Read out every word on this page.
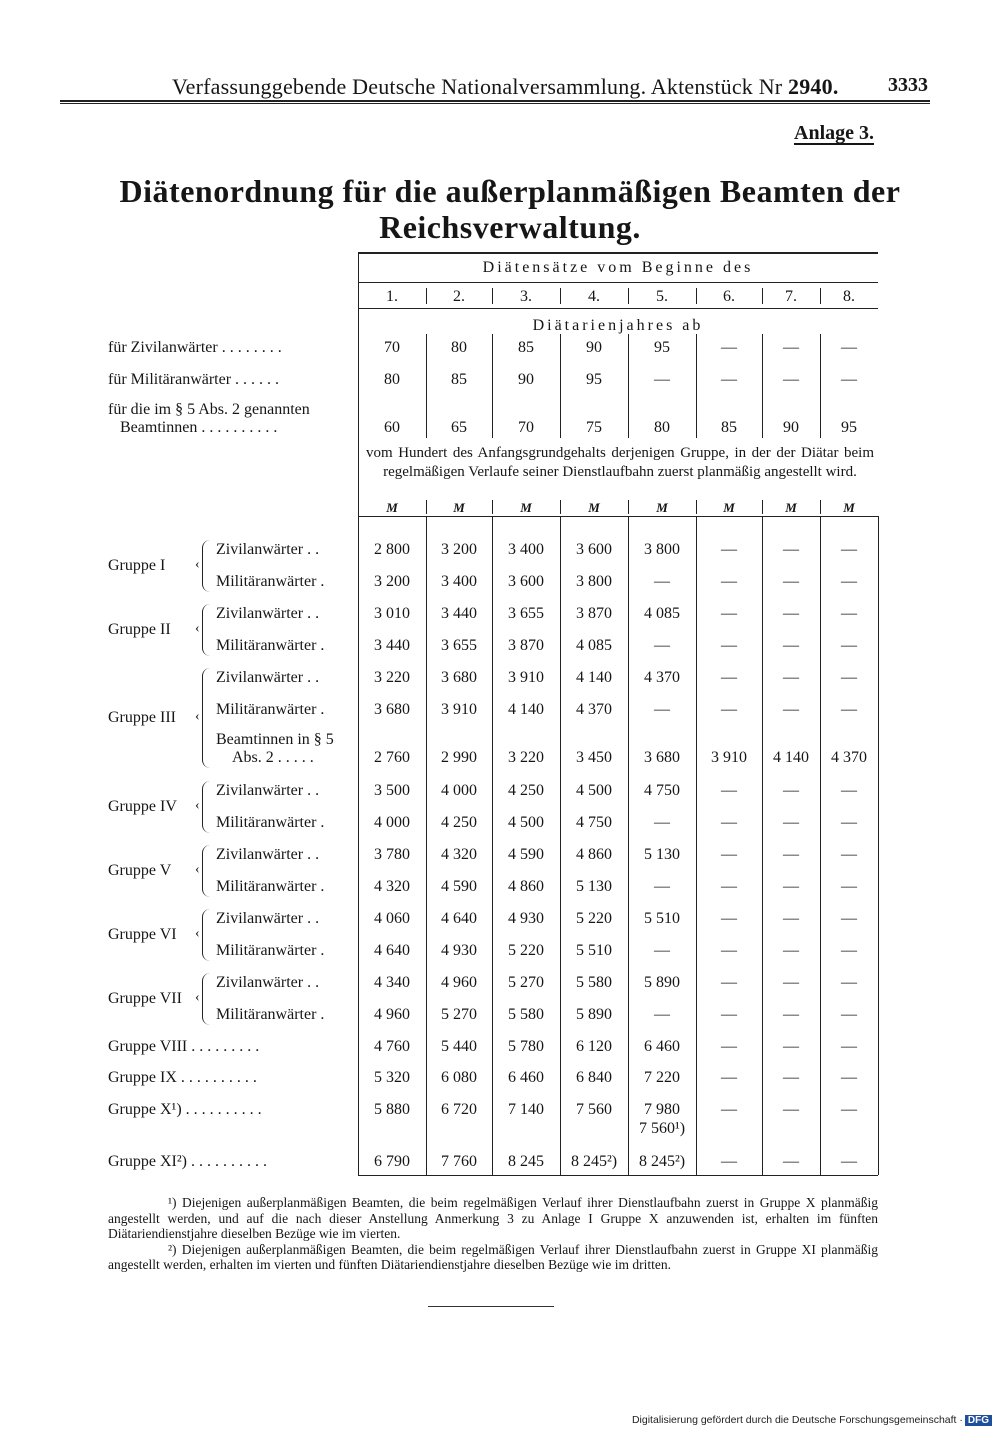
Verfassunggebende Deutsche Nationalversammlung. Aktenstück Nr 2940. 3333
Anlage 3.
Diätenordnung für die außerplanmäßigen Beamten der
Reichsverwaltung.
Diätensätze vom Beginne des
1.	2.	3.	4.	5.	6.	7.	8.
Diätarienjahres ab
für Zivilanwärter . . . . . . . .	70	80	85	90	95	—	—	—
für Militäranwärter . . . . . .	80	85	90	95	—	—	—	—
für die im § 5 Abs. 2 genannten
Beamtinnen . . . . . . . . . .	60	65	70	75	80	85	90	95
vom Hundert des Anfangsgrundgehalts derjenigen Gruppe, in der der Diätar beim regelmäßigen Verlaufe seiner Dienstlaufbahn zuerst planmäßig angestellt wird.
M	M	M	M	M	M	M	M
Gruppe I ‹
Zivilanwärter . .	2 800	3 200	3 400	3 600	3 800	—	—	—
Militäranwärter .	3 200	3 400	3 600	3 800	—	—	—	—
Gruppe II ‹
Zivilanwärter . .	3 010	3 440	3 655	3 870	4 085	—	—	—
Militäranwärter .	3 440	3 655	3 870	4 085	—	—	—	—
Gruppe III ‹
Zivilanwärter . .	3 220	3 680	3 910	4 140	4 370	—	—	—
Militäranwärter .	3 680	3 910	4 140	4 370	—	—	—	—
Beamtinnen in § 5
Abs. 2 . . . . .	2 760	2 990	3 220	3 450	3 680	3 910	4 140	4 370
Gruppe IV ‹
Zivilanwärter . .	3 500	4 000	4 250	4 500	4 750	—	—	—
Militäranwärter .	4 000	4 250	4 500	4 750	—	—	—	—
Gruppe V ‹
Zivilanwärter . .	3 780	4 320	4 590	4 860	5 130	—	—	—
Militäranwärter .	4 320	4 590	4 860	5 130	—	—	—	—
Gruppe VI ‹
Zivilanwärter . .	4 060	4 640	4 930	5 220	5 510	—	—	—
Militäranwärter .	4 640	4 930	5 220	5 510	—	—	—	—
Gruppe VII ‹
Zivilanwärter . .	4 340	4 960	5 270	5 580	5 890	—	—	—
Militäranwärter .	4 960	5 270	5 580	5 890	—	—	—	—
Gruppe VIII . . . . . . . . .	4 760	5 440	5 780	6 120	6 460	—	—	—
Gruppe IX . . . . . . . . . .	5 320	6 080	6 460	6 840	7 220	—	—	—
Gruppe X¹) . . . . . . . . . .	5 880	6 720	7 140	7 560	7 980	—	—	—
7 560¹)
Gruppe XI²) . . . . . . . . . .	6 790	7 760	8 245	8 245²)	8 245²)	—	—	—

¹) Diejenigen außerplanmäßigen Beamten, die beim regelmäßigen Verlauf ihrer Dienstlaufbahn zuerst in Gruppe X planmäßig angestellt werden, und auf die nach dieser Anstellung Anmerkung 3 zu Anlage I Gruppe X anzuwenden ist, erhalten im fünften Diätariendienstjahre dieselben Bezüge wie im vierten.

²) Diejenigen außerplanmäßigen Beamten, die beim regelmäßigen Verlauf ihrer Dienstlaufbahn zuerst in Gruppe XI planmäßig angestellt werden, erhalten im vierten und fünften Diätariendienstjahre dieselben Bezüge wie im dritten.

Digitalisierung gefördert durch die Deutsche Forschungsgemeinschaft · DFG
